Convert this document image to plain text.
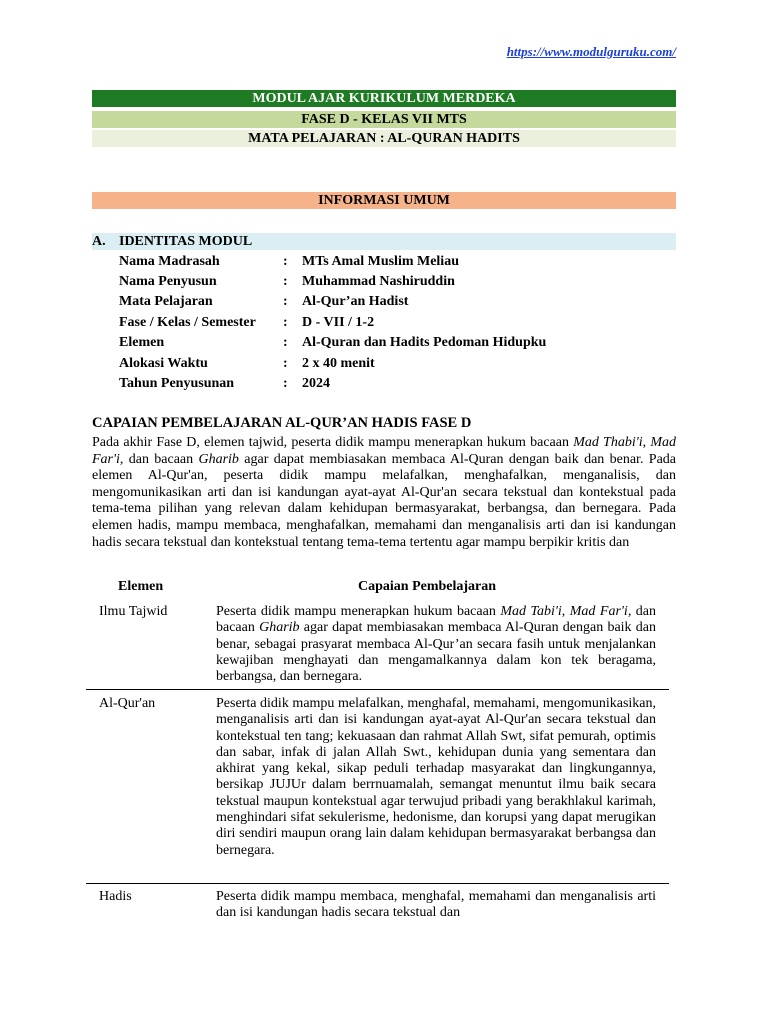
https://www.modulguruku.com/
MODUL AJAR KURIKULUM MERDEKA
FASE D - KELAS VII MTS
MATA PELAJARAN : AL-QURAN HADITS
INFORMASI UMUM
A. IDENTITAS MODUL
Nama Madrasah	: MTs Amal Muslim Meliau
Nama Penyusun	: Muhammad Nashiruddin
Mata Pelajaran	: Al-Qur’an Hadist
Fase / Kelas / Semester	: D - VII / 1-2
Elemen	: Al-Quran dan Hadits Pedoman Hidupku
Alokasi Waktu	: 2 x 40 menit
Tahun Penyusunan	: 2024
CAPAIAN PEMBELAJARAN AL-QUR’AN HADIS FASE D
Pada akhir Fase D, elemen tajwid, peserta didik mampu menerapkan hukum bacaan Mad Thabi'i, Mad Far'i, dan bacaan Gharib agar dapat membiasakan membaca Al-Quran dengan baik dan benar. Pada elemen Al-Qur'an, peserta didik mampu melafalkan, menghafalkan, menganalisis, dan mengomunikasikan arti dan isi kandungan ayat-ayat Al-Qur'an secara tekstual dan kontekstual pada tema-tema pilihan yang relevan dalam kehidupan bermasyarakat, berbangsa, dan bernegara. Pada elemen hadis, mampu membaca, menghafalkan, memahami dan menganalisis arti dan isi kandungan hadis secara tekstual dan kontekstual tentang tema-tema tertentu agar mampu berpikir kritis dan
Elemen	Capaian Pembelajaran
Ilmu Tajwid	Peserta didik mampu menerapkan hukum bacaan Mad Tabi'i, Mad Far'i, dan bacaan Gharib agar dapat membiasakan membaca Al-Quran dengan baik dan benar, sebagai prasyarat membaca Al-Qur’an secara fasih untuk menjalankan kewajiban menghayati dan mengamalkannya dalam kon tek beragama, berbangsa, dan bernegara.
Al-Qur'an	Peserta didik mampu melafalkan, menghafal, memahami, mengomunikasikan, menganalisis arti dan isi kandungan ayat-ayat Al-Qur'an secara tekstual dan kontekstual ten tang; kekuasaan dan rahmat Allah Swt, sifat pemurah, optimis dan sabar, infak di jalan Allah Swt., kehidupan dunia yang sementara dan akhirat yang kekal, sikap peduli terhadap masyarakat dan lingkungannya, bersikap JUJUr dalam berrnuamalah, semangat menuntut ilmu baik secara tekstual maupun kontekstual agar terwujud pribadi yang berakhlakul karimah, menghindari sifat sekulerisme, hedonisme, dan korupsi yang dapat merugikan diri sendiri maupun orang lain dalam kehidupan bermasyarakat berbangsa dan bernegara.
Hadis	Peserta didik mampu membaca, menghafal, memahami dan menganalisis arti dan isi kandungan hadis secara tekstual dan
